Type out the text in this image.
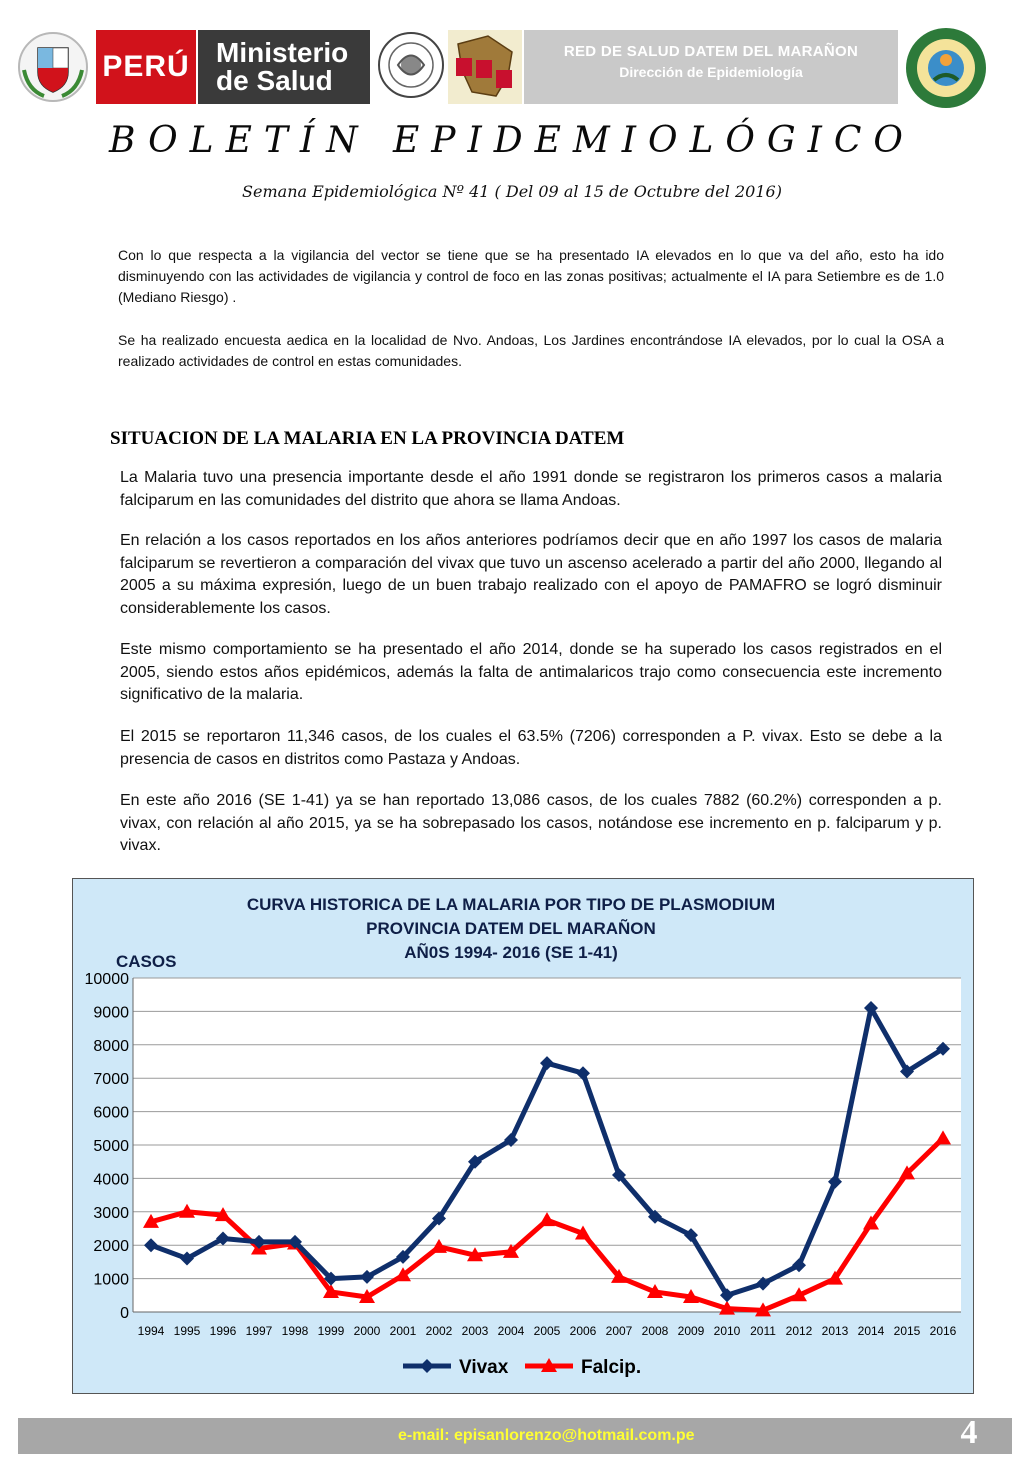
PERÚ Ministerio
de Salud
RED DE SALUD DATEM DEL MARAÑON
Dirección de Epidemiología
BOLETÍN EPIDEMIOLÓGICO
Semana Epidemiológica Nº 41 ( Del 09 al 15 de Octubre del 2016)
Con lo que respecta a la vigilancia del vector se tiene que se ha presentado IA elevados en lo que va del año, esto ha ido disminuyendo con las actividades de vigilancia y control de foco en las zonas positivas; actualmente el IA para Setiembre es de 1.0 (Mediano Riesgo) .
Se ha realizado encuesta aedica en la localidad de Nvo. Andoas, Los Jardines encontrándose IA elevados, por lo cual la OSA a realizado actividades de control en estas comunidades.
SITUACION DE LA MALARIA EN LA PROVINCIA DATEM
La Malaria tuvo una presencia importante desde el año 1991 donde se registraron los primeros casos a malaria falciparum en las comunidades del distrito que ahora se llama Andoas.
En relación a los casos reportados en los años anteriores podríamos decir que en año 1997 los casos de malaria falciparum se revertieron a comparación del vivax que tuvo un ascenso acelerado a partir del año 2000, llegando al 2005 a su máxima expresión, luego de un buen trabajo realizado con el apoyo de PAMAFRO se logró disminuir considerablemente los casos.
Este mismo comportamiento se ha presentado el año 2014, donde se ha superado los casos registrados en el 2005, siendo estos años epidémicos, además la falta de antimalaricos trajo como consecuencia este incremento significativo de la malaria.
El 2015 se reportaron 11,346 casos, de los cuales el 63.5% (7206) corresponden a P. vivax. Esto se debe a la presencia de casos en distritos como Pastaza y Andoas.
En este año 2016 (SE 1-41) ya se han reportado 13,086 casos, de los cuales 7882 (60.2%) corresponden a p. vivax, con relación al año 2015, ya se ha sobrepasado los casos, notándose ese incremento en p. falciparum y p. vivax.
CURVA HISTORICA DE LA MALARIA POR TIPO DE PLASMODIUM
PROVINCIA DATEM DEL MARAÑON
AÑ0S 1994- 2016 (SE 1-41)
CASOS
0
1000
2000
3000
4000
5000
6000
7000
8000
9000
10000
1994 1995 1996 1997 1998 1999 2000 2001 2002 2003 2004 2005 2006 2007 2008 2009 2010 2011 2012 2013 2014 2015 2016
Vivax	Falcip.
e-mail: episanlorenzo@hotmail.com.pe	4
